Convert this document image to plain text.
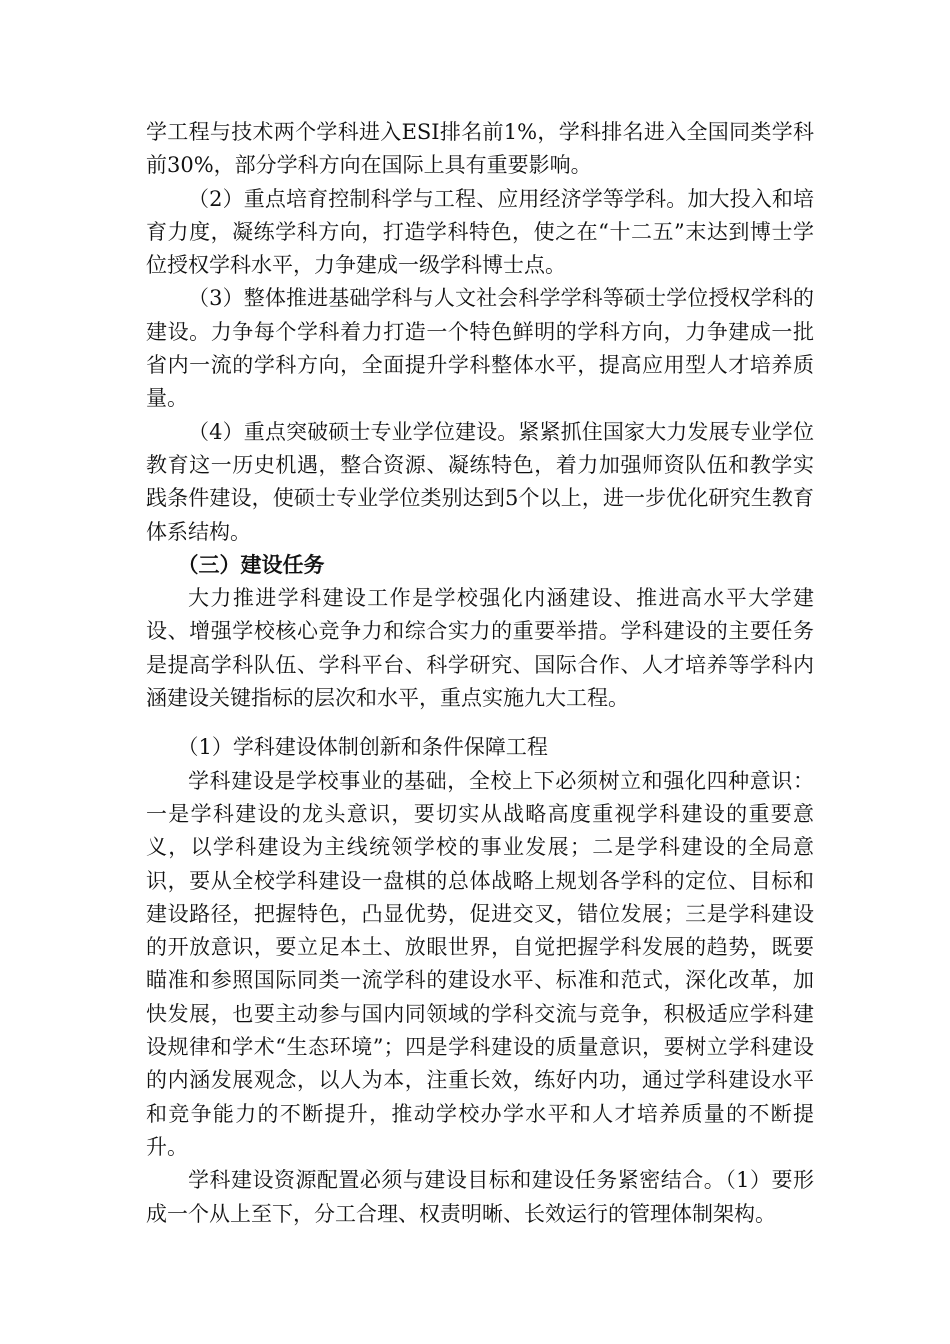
学工程与技术两个学科进入ESI排名前1%，学科排名进入全国同类学科前30%，部分学科方向在国际上具有重要影响。

（2）重点培育控制科学与工程、应用经济学等学科。加大投入和培育力度，凝练学科方向，打造学科特色，使之在“十二五”末达到博士学位授权学科水平，力争建成一级学科博士点。

（3）整体推进基础学科与人文社会科学学科等硕士学位授权学科的建设。力争每个学科着力打造一个特色鲜明的学科方向，力争建成一批省内一流的学科方向，全面提升学科整体水平，提高应用型人才培养质量。

（4）重点突破硕士专业学位建设。紧紧抓住国家大力发展专业学位教育这一历史机遇，整合资源、凝练特色，着力加强师资队伍和教学实践条件建设，使硕士专业学位类别达到5个以上，进一步优化研究生教育体系结构。

（三）建设任务

大力推进学科建设工作是学校强化内涵建设、推进高水平大学建设、增强学校核心竞争力和综合实力的重要举措。学科建设的主要任务是提高学科队伍、学科平台、科学研究、国际合作、人才培养等学科内涵建设关键指标的层次和水平，重点实施九大工程。

（1）学科建设体制创新和条件保障工程

学科建设是学校事业的基础，全校上下必须树立和强化四种意识：一是学科建设的龙头意识，要切实从战略高度重视学科建设的重要意义，以学科建设为主线统领学校的事业发展；二是学科建设的全局意识，要从全校学科建设一盘棋的总体战略上规划各学科的定位、目标和建设路径，把握特色，凸显优势，促进交叉，错位发展；三是学科建设的开放意识，要立足本土、放眼世界，自觉把握学科发展的趋势，既要瞄准和参照国际同类一流学科的建设水平、标准和范式，深化改革，加快发展，也要主动参与国内同领域的学科交流与竞争，积极适应学科建设规律和学术“生态环境”；四是学科建设的质量意识，要树立学科建设的内涵发展观念，以人为本，注重长效，练好内功，通过学科建设水平和竞争能力的不断提升，推动学校办学水平和人才培养质量的不断提升。

学科建设资源配置必须与建设目标和建设任务紧密结合。（1）要形成一个从上至下，分工合理、权责明晰、长效运行的管理体制架构。
